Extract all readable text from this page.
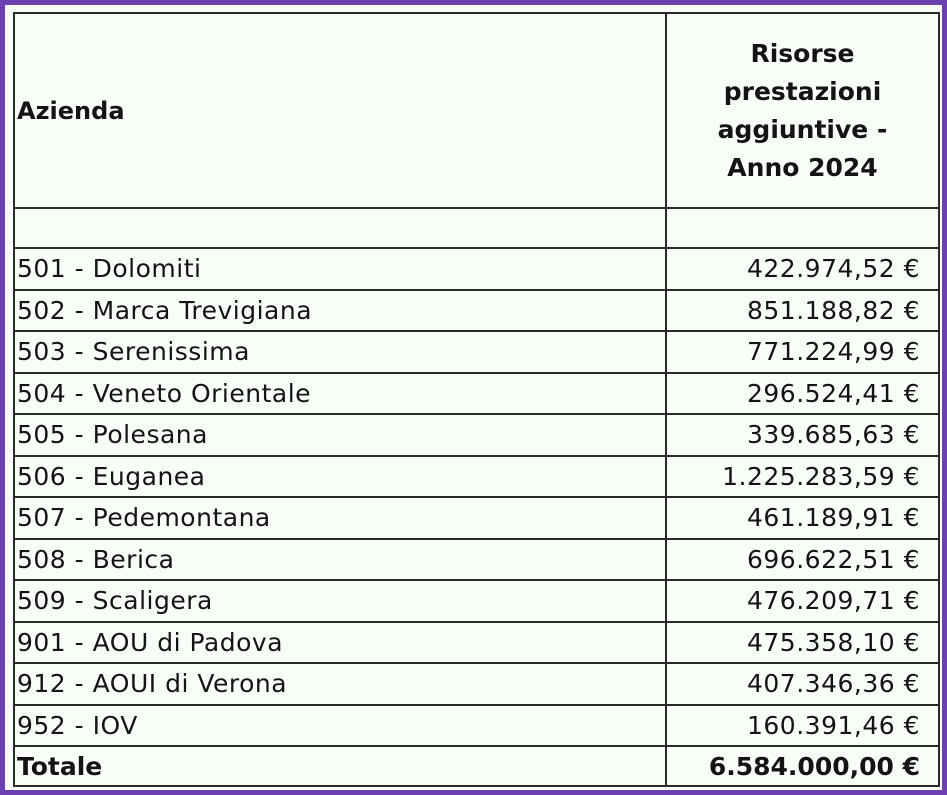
Azienda	Risorse
prestazioni
aggiuntive -
Anno 2024

501 - Dolomiti	422.974,52 €
502 - Marca Trevigiana	851.188,82 €
503 - Serenissima	771.224,99 €
504 - Veneto Orientale	296.524,41 €
505 - Polesana	339.685,63 €
506 - Euganea	1.225.283,59 €
507 - Pedemontana	461.189,91 €
508 - Berica	696.622,51 €
509 - Scaligera	476.209,71 €
901 - AOU di Padova	475.358,10 €
912 - AOUI di Verona	407.346,36 €
952 - IOV	160.391,46 €
Totale	6.584.000,00 €
